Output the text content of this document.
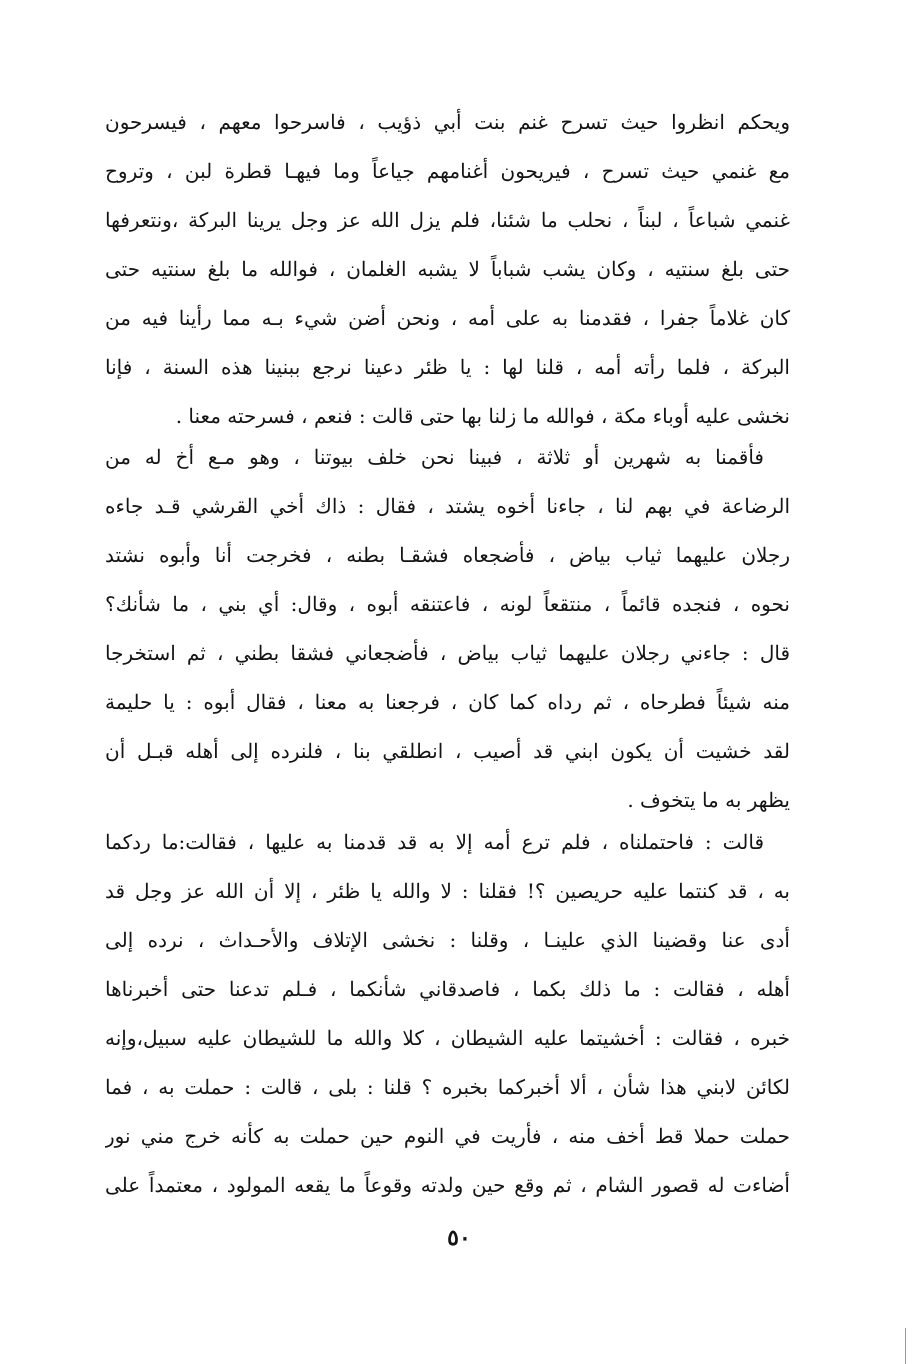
ويحكم انظروا حيث تسرح غنم بنت أبي ذؤيب ، فاسرحوا معهم ، فيسرحون
مع غنمي حيث تسرح ، فيريحون أغنامهم جياعاً وما فيهـا قطرة لبن ، وتروح
غنمي شباعاً ، لبناً ، نحلب ما شئنا، فلم يزل الله عز وجل يرينا البركة ،ونتعرفها
حتى بلغ سنتيه ، وكان يشب شباباً لا يشبه الغلمان ، فوالله ما بلغ سنتيه حتى
كان غلاماً جفرا ، فقدمنا به على أمه ، ونحن أضن شيء بـه مما رأينا فيه من
البركة ، فلما رأته أمه ، قلنا لها : يا ظئر دعينا نرجع ببنينا هذه السنة ، فإنا
نخشى عليه أوباء مكة ، فوالله ما زلنا بها حتى قالت : فنعم ، فسرحته معنا .
فأقمنا به شهرين أو ثلاثة ، فبينا نحن خلف بيوتنا ، وهو مـع أخ له من
الرضاعة في بهم لنا ، جاءنا أخوه يشتد ، فقال : ذاك أخي القرشي قـد جاءه
رجلان عليهما ثياب بياض ، فأضجعاه فشقـا بطنه ، فخرجت أنا وأبوه نشتد
نحوه ، فنجده قائماً ، منتقعاً لونه ، فاعتنقه أبوه ، وقال: أي بني ، ما شأنك؟
قال : جاءني رجلان عليهما ثياب بياض ، فأضجعاني فشقا بطني ، ثم استخرجا
منه شيئاً فطرحاه ، ثم رداه كما كان ، فرجعنا به معنا ، فقال أبوه : يا حليمة
لقد خشيت أن يكون ابني قد أصيب ، انطلقي بنا ، فلنرده إلى أهله قبـل أن
يظهر به ما يتخوف .
قالت : فاحتملناه ، فلم ترع أمه إلا به قد قدمنا به عليها ، فقالت:ما ردكما
به ، قد كنتما عليه حريصين ؟! فقلنا : لا والله يا ظئر ، إلا أن الله عز وجل قد
أدى عنا وقضينا الذي علينـا ، وقلنا : نخشى الإتلاف والأحـداث ، نرده إلى
أهله ، فقالت : ما ذلك بكما ، فاصدقاني شأنكما ، فـلم تدعنا حتى أخبرناها
خبره ، فقالت : أخشيتما عليه الشيطان ، كلا والله ما للشيطان عليه سبيل،وإنه
لكائن لابني هذا شأن ، ألا أخبركما بخبره ؟ قلنا : بلى ، قالت : حملت به ، فما
حملت حملا قط أخف منه ، فأريت في النوم حين حملت به كأنه خرج مني نور
أضاءت له قصور الشام ، ثم وقع حين ولدته وقوعاً ما يقعه المولود ، معتمداً على
٥٠
